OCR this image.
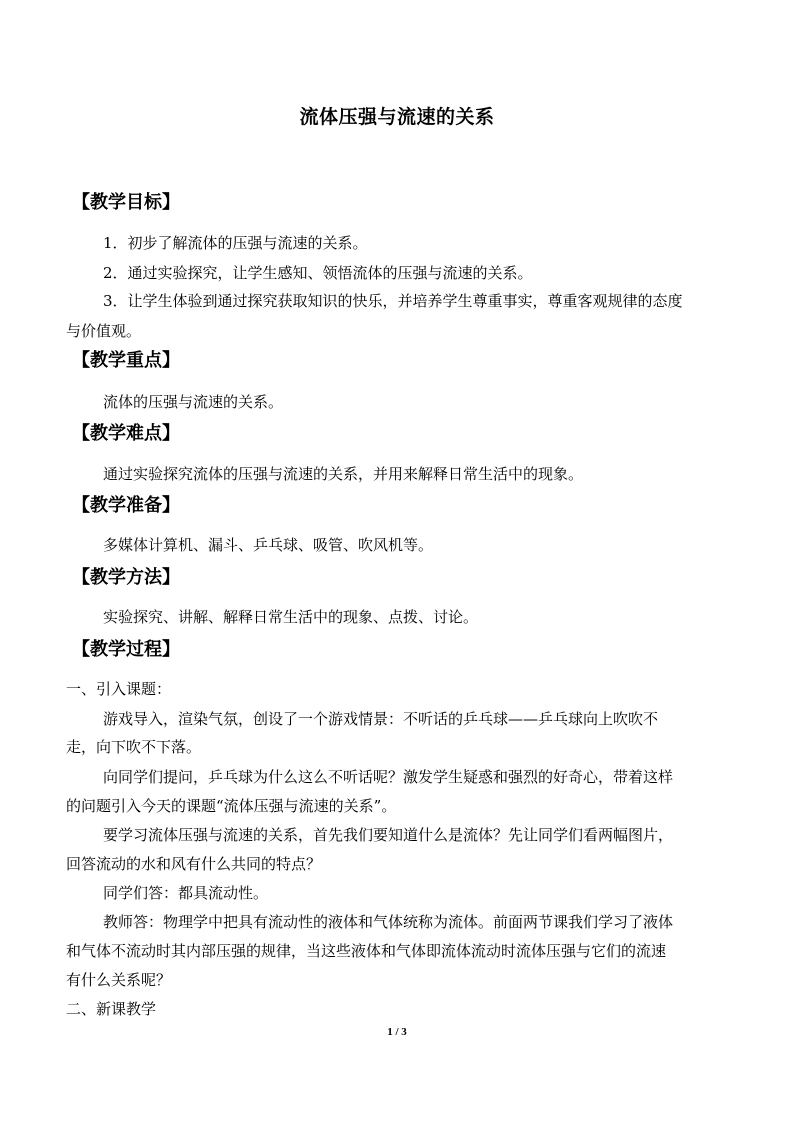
流体压强与流速的关系
【教学目标】
1．初步了解流体的压强与流速的关系。
2．通过实验探究，让学生感知、领悟流体的压强与流速的关系。
3．让学生体验到通过探究获取知识的快乐，并培养学生尊重事实，尊重客观规律的态度
与价值观。
【教学重点】
流体的压强与流速的关系。
【教学难点】
通过实验探究流体的压强与流速的关系，并用来解释日常生活中的现象。
【教学准备】
多媒体计算机、漏斗、乒乓球、吸管、吹风机等。
【教学方法】
实验探究、讲解、解释日常生活中的现象、点拨、讨论。
【教学过程】
一、引入课题：
游戏导入，渲染气氛，创设了一个游戏情景：不听话的乒乓球——乒乓球向上吹吹不
走，向下吹不下落。
向同学们提问，乒乓球为什么这么不听话呢？激发学生疑惑和强烈的好奇心，带着这样
的问题引入今天的课题“流体压强与流速的关系”。
要学习流体压强与流速的关系，首先我们要知道什么是流体？先让同学们看两幅图片，
回答流动的水和风有什么共同的特点？
同学们答：都具流动性。
教师答：物理学中把具有流动性的液体和气体统称为流体。前面两节课我们学习了液体
和气体不流动时其内部压强的规律，当这些液体和气体即流体流动时流体压强与它们的流速
有什么关系呢？
二、新课教学
1 / 3
